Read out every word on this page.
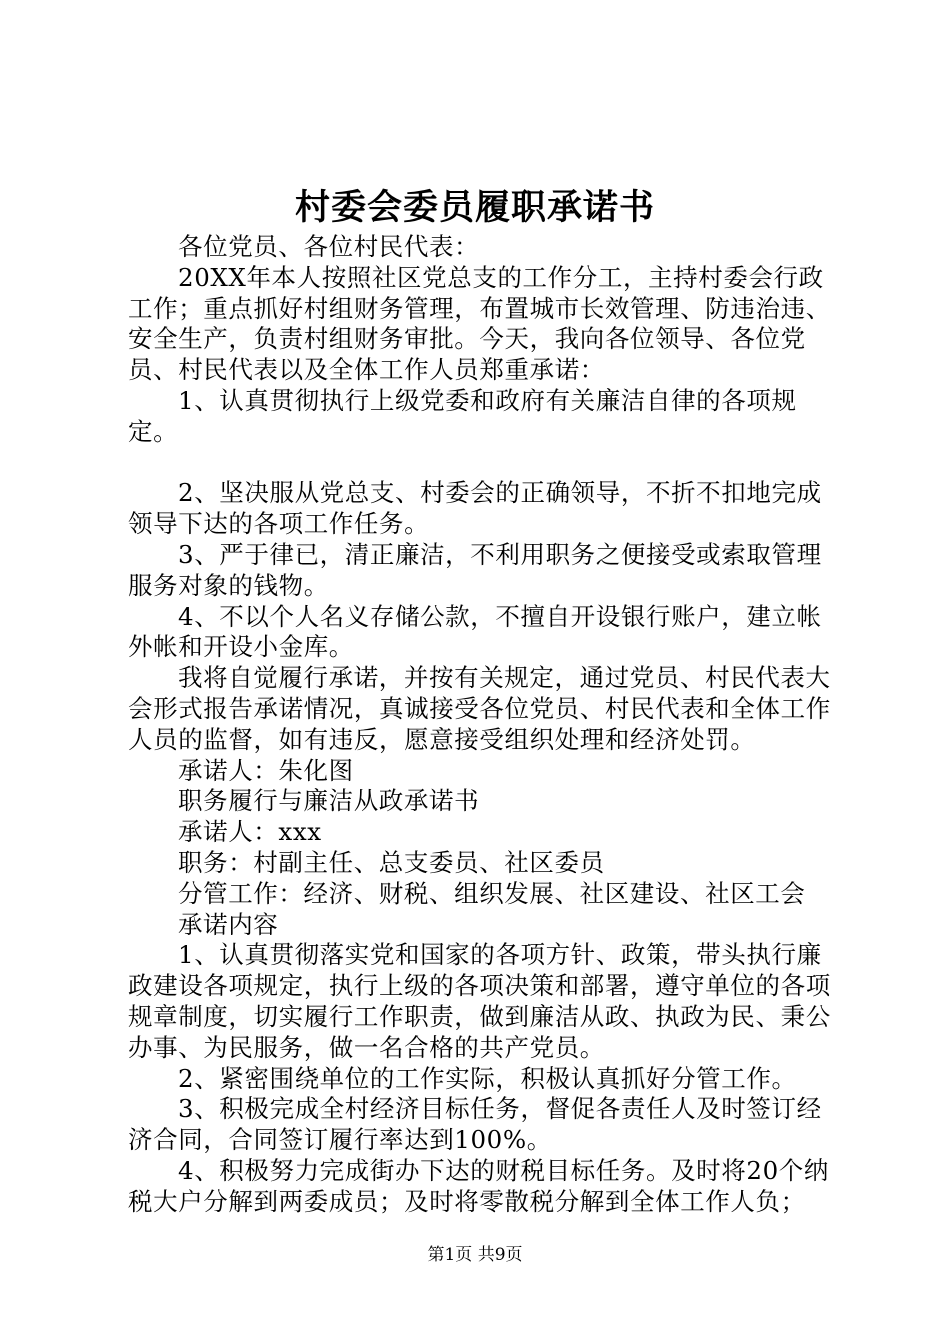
村委会委员履职承诺书

各位党员、各位村民代表：

20XX年本人按照社区党总支的工作分工，主持村委会行政工作；重点抓好村组财务管理，布置城市长效管理、防违治违、安全生产，负责村组财务审批。今天，我向各位领导、各位党员、村民代表以及全体工作人员郑重承诺：

1、认真贯彻执行上级党委和政府有关廉洁自律的各项规定。

2、坚决服从党总支、村委会的正确领导，不折不扣地完成领导下达的各项工作任务。

3、严于律已，清正廉洁，不利用职务之便接受或索取管理服务对象的钱物。

4、不以个人名义存储公款，不擅自开设银行账户，建立帐外帐和开设小金库。

我将自觉履行承诺，并按有关规定，通过党员、村民代表大会形式报告承诺情况，真诚接受各位党员、村民代表和全体工作人员的监督，如有违反，愿意接受组织处理和经济处罚。

承诺人：朱化图

职务履行与廉洁从政承诺书

承诺人：xxx

职务：村副主任、总支委员、社区委员

分管工作：经济、财税、组织发展、社区建设、社区工会

承诺内容

1、认真贯彻落实党和国家的各项方针、政策，带头执行廉政建设各项规定，执行上级的各项决策和部署，遵守单位的各项规章制度，切实履行工作职责，做到廉洁从政、执政为民、秉公办事、为民服务，做一名合格的共产党员。

2、紧密围绕单位的工作实际，积极认真抓好分管工作。

3、积极完成全村经济目标任务，督促各责任人及时签订经济合同，合同签订履行率达到100%。

4、积极努力完成街办下达的财税目标任务。及时将20个纳税大户分解到两委成员；及时将零散税分解到全体工作人负；

第1页 共9页
